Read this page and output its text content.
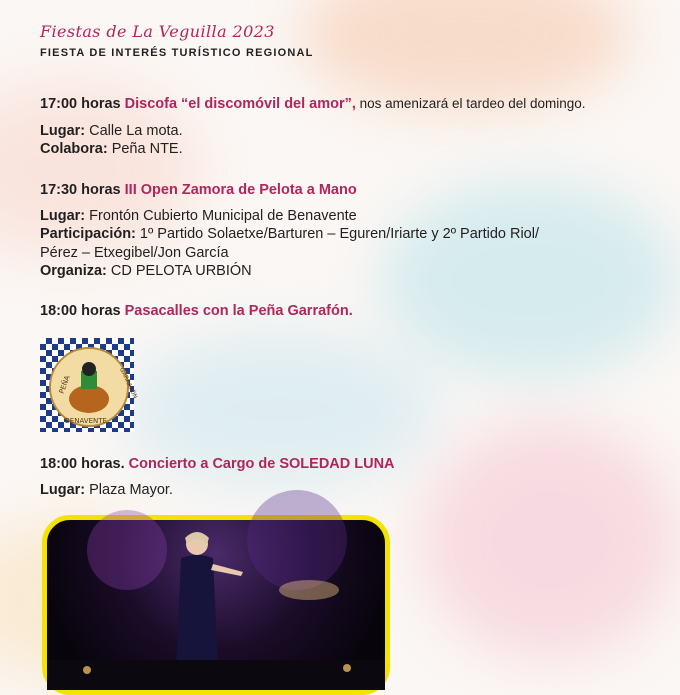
Fiestas de La Veguilla 2023
FIESTA DE INTERÉS TURÍSTICO REGIONAL
17:00 horas Discofa “el discomóvil del amor”, nos amenizará el tardeo del domingo.
Lugar: Calle La mota.
Colabora: Peña NTE.
17:30 horas III Open Zamora de Pelota a Mano
Lugar: Frontón Cubierto Municipal de Benavente
Participación: 1º Partido Solaetxe/Barturen – Eguren/Iriarte y 2º Partido Riol/
Pérez – Etxegibel/Jon García
Organiza: CD PELOTA URBIÓN
18:00 horas Pasacalles con la Peña Garrafón.
PEÑA	GARRAFÓN
BENAVENTE
18:00 horas. Concierto a Cargo de SOLEDAD LUNA
Lugar: Plaza Mayor.
